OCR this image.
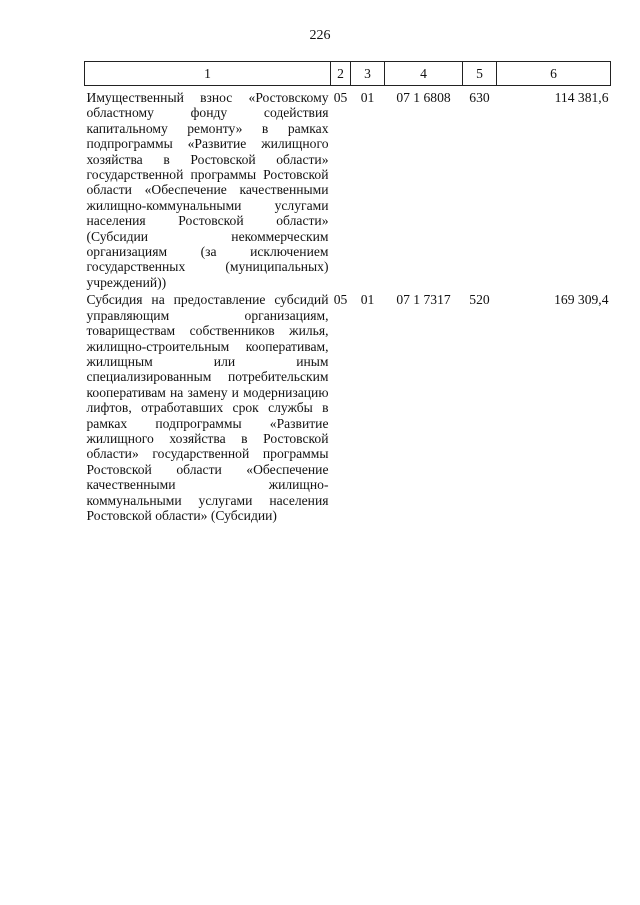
226
1	2	3	4	5	6
Имущественный взнос «Ростовскому областному фонду содействия капитальному ремонту» в рамках подпрограммы «Развитие жилищного хозяйства в Ростовской области» государственной программы Ростовской области «Обеспечение качественными жилищно-коммунальными услугами населения Ростовской области» (Субсидии некоммерческим организациям (за исключением государственных (муниципальных) учреждений))	05	01	07 1 6808	630	114 381,6
Субсидия на предоставление субсидий управляющим организациям, товариществам собственников жилья, жилищно-строительным кооперативам, жилищным или иным специализированным потребительским кооперативам на замену и модернизацию лифтов, отработавших срок службы в рамках подпрограммы «Развитие жилищного хозяйства в Ростовской области» государственной программы Ростовской области «Обеспечение качественными жилищно-коммунальными услугами населения Ростовской области» (Субсидии)	05	01	07 1 7317	520	169 309,4
